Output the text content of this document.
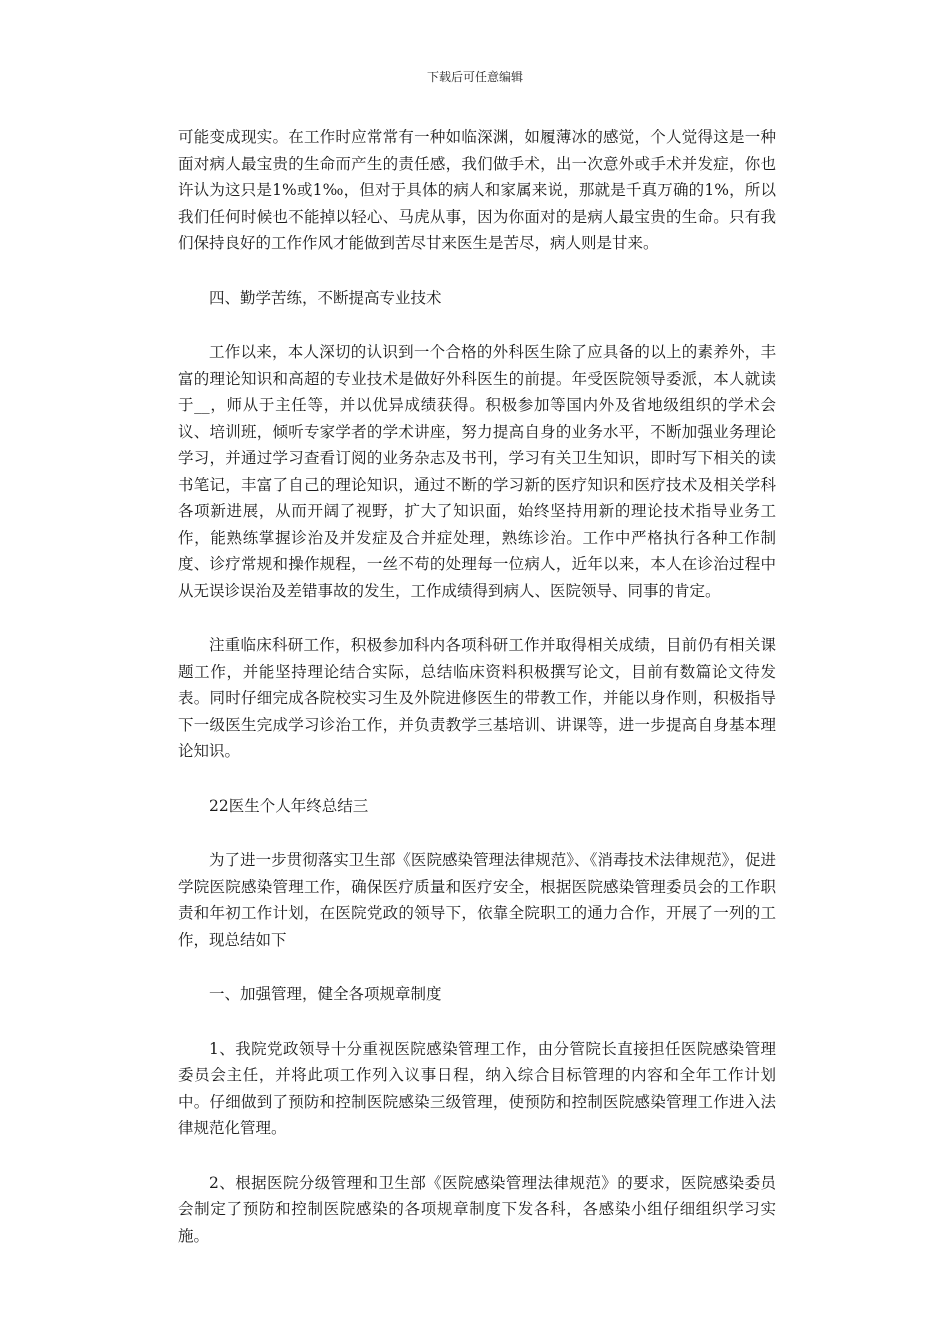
下载后可任意编辑

可能变成现实。在工作时应常常有一种如临深渊，如履薄冰的感觉，个人觉得这是一种面对病人最宝贵的生命而产生的责任感，我们做手术，出一次意外或手术并发症，你也许认为这只是1%或1‰，但对于具体的病人和家属来说，那就是千真万确的1%，所以我们任何时候也不能掉以轻心、马虎从事，因为你面对的是病人最宝贵的生命。只有我们保持良好的工作作风才能做到苦尽甘来医生是苦尽，病人则是甘来。

四、勤学苦练，不断提高专业技术

工作以来，本人深切的认识到一个合格的外科医生除了应具备的以上的素养外，丰富的理论知识和高超的专业技术是做好外科医生的前提。年受医院领导委派，本人就读于__，师从于主任等，并以优异成绩获得。积极参加等国内外及省地级组织的学术会议、培训班，倾听专家学者的学术讲座，努力提高自身的业务水平，不断加强业务理论学习，并通过学习查看订阅的业务杂志及书刊，学习有关卫生知识，即时写下相关的读书笔记，丰富了自己的理论知识，通过不断的学习新的医疗知识和医疗技术及相关学科各项新进展，从而开阔了视野，扩大了知识面，始终坚持用新的理论技术指导业务工作，能熟练掌握诊治及并发症及合并症处理，熟练诊治。工作中严格执行各种工作制度、诊疗常规和操作规程，一丝不苟的处理每一位病人，近年以来，本人在诊治过程中从无误诊误治及差错事故的发生，工作成绩得到病人、医院领导、同事的肯定。

注重临床科研工作，积极参加科内各项科研工作并取得相关成绩，目前仍有相关课题工作，并能坚持理论结合实际，总结临床资料积极撰写论文，目前有数篇论文待发表。同时仔细完成各院校实习生及外院进修医生的带教工作，并能以身作则，积极指导下一级医生完成学习诊治工作，并负责教学三基培训、讲课等，进一步提高自身基本理论知识。

22医生个人年终总结三

为了进一步贯彻落实卫生部《医院感染管理法律规范》、《消毒技术法律规范》，促进学院医院感染管理工作，确保医疗质量和医疗安全，根据医院感染管理委员会的工作职责和年初工作计划，在医院党政的领导下，依靠全院职工的通力合作，开展了一列的工作，现总结如下

一、加强管理，健全各项规章制度

1、我院党政领导十分重视医院感染管理工作，由分管院长直接担任医院感染管理委员会主任，并将此项工作列入议事日程，纳入综合目标管理的内容和全年工作计划中。仔细做到了预防和控制医院感染三级管理，使预防和控制医院感染管理工作进入法律规范化管理。

2、根据医院分级管理和卫生部《医院感染管理法律规范》的要求，医院感染委员会制定了预防和控制医院感染的各项规章制度下发各科，各感染小组仔细组织学习实施。
